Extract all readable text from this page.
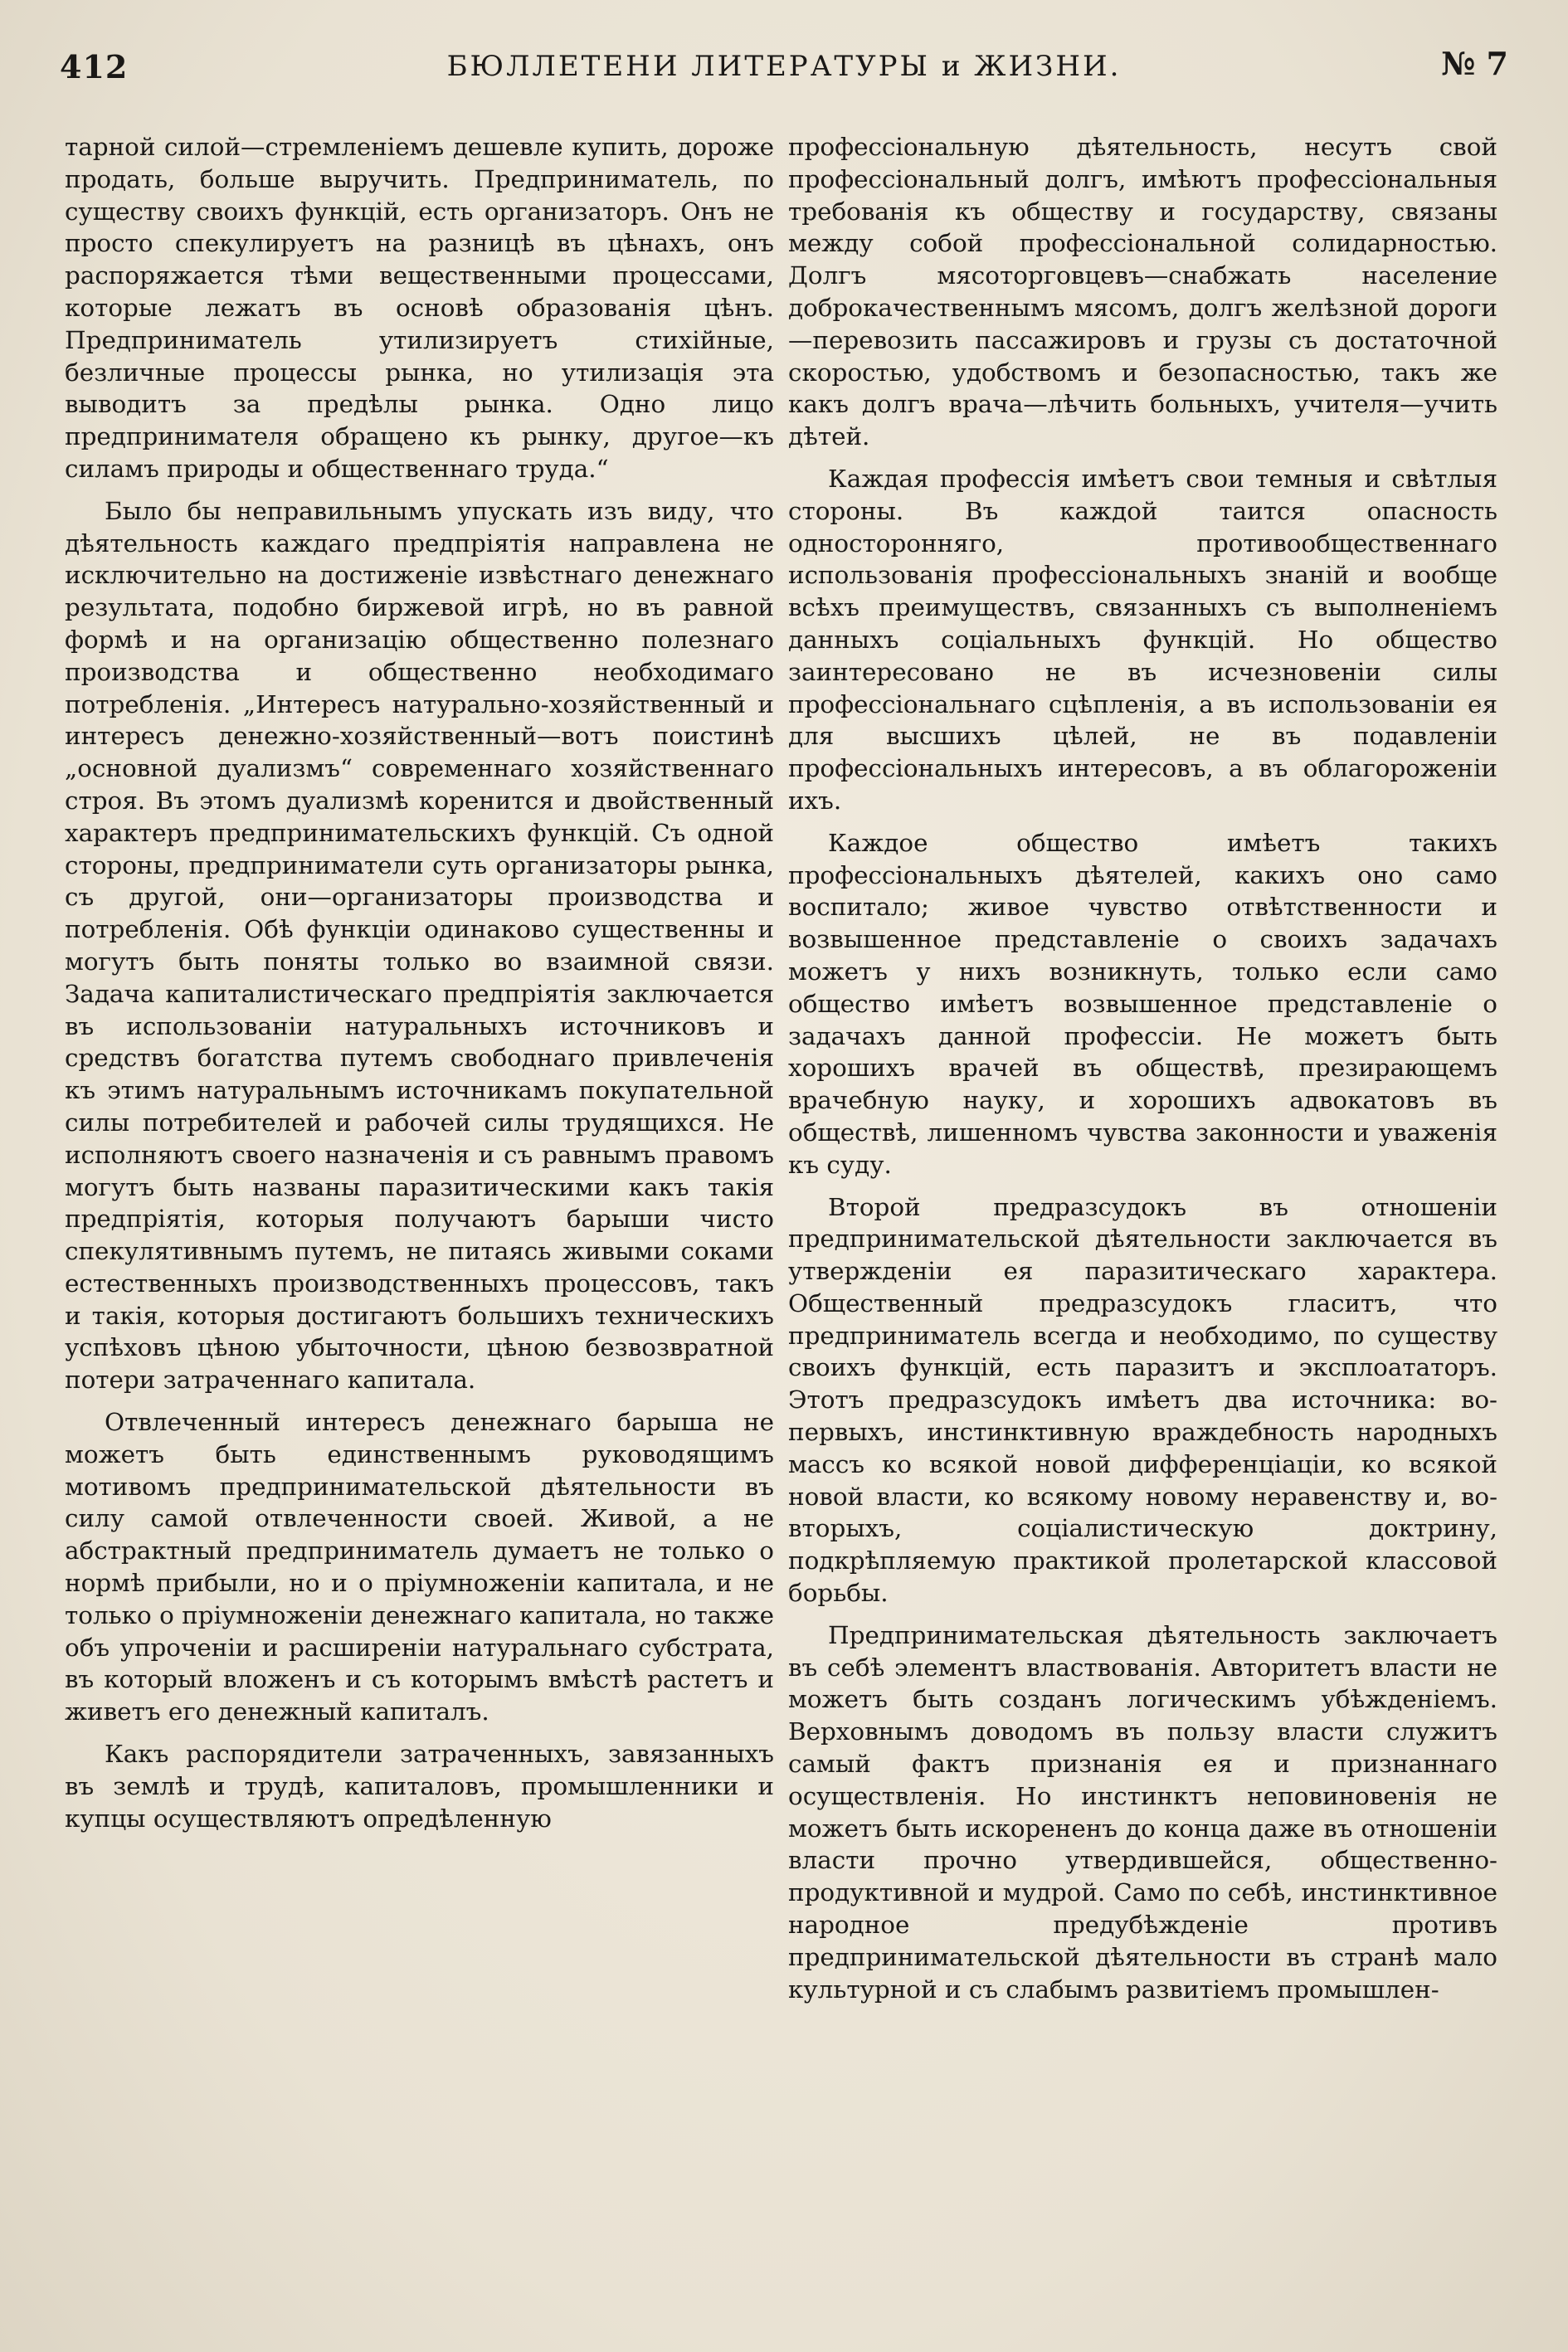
412	БЮЛЛЕТЕНИ ЛИТЕРАТУРЫ и ЖИЗНИ.	№ 7

тарной силой—стремленіемъ дешевле купить, дороже продать, больше выручить. Предприниматель, по существу своихъ функцій, есть организаторъ. Онъ не просто спекулируетъ на разницѣ въ цѣнахъ, онъ распоряжается тѣми вещественными процессами, которые лежатъ въ основѣ образованія цѣнъ. Предприниматель утилизируетъ стихійные, безличные процессы рынка, но утилизація эта выводитъ за предѣлы рынка. Одно лицо предпринимателя обращено къ рынку, другое—къ силамъ природы и общественнаго труда.“

Было бы неправильнымъ упускать изъ виду, что дѣятельность каждаго предпріятія направлена не исключительно на достиженіе извѣстнаго денежнаго результата, подобно биржевой игрѣ, но въ равной формѣ и на организацію общественно полезнаго производства и общественно необходимаго потребленія. „Интересъ натурально-хозяйственный и интересъ денежно-хозяйственный—вотъ поистинѣ „основной дуализмъ“ современнаго хозяйственнаго строя. Въ этомъ дуализмѣ коренится и двойственный характеръ предпринимательскихъ функцій. Съ одной стороны, предприниматели суть организаторы рынка, съ другой, они—организаторы производства и потребленія. Обѣ функціи одинаково существенны и могутъ быть поняты только во взаимной связи. Задача капиталистическаго предпріятія заключается въ использованіи натуральныхъ источниковъ и средствъ богатства путемъ свободнаго привлеченія къ этимъ натуральнымъ источникамъ покупательной силы потребителей и рабочей силы трудящихся. Не исполняютъ своего назначенія и съ равнымъ правомъ могутъ быть названы паразитическими какъ такія предпріятія, которыя получаютъ барыши чисто спекулятивнымъ путемъ, не питаясь живыми соками естественныхъ производственныхъ процессовъ, такъ и такія, которыя достигаютъ большихъ техническихъ успѣховъ цѣною убыточности, цѣною безвозвратной потери затраченнаго капитала.

Отвлеченный интересъ денежнаго барыша не можетъ быть единственнымъ руководящимъ мотивомъ предпринимательской дѣятельности въ силу самой отвлеченности своей. Живой, а не абстрактный предприниматель думаетъ не только о нормѣ прибыли, но и о пріумноженіи капитала, и не только о пріумноженіи денежнаго капитала, но также объ упроченіи и расширеніи натуральнаго субстрата, въ который вложенъ и съ которымъ вмѣстѣ растетъ и живетъ его денежный капиталъ.

Какъ распорядители затраченныхъ, завязанныхъ въ землѣ и трудѣ, капиталовъ, промышленники и купцы осуществляютъ опредѣленную

профессіональную дѣятельность, несутъ свой профессіональный долгъ, имѣютъ профессіональныя требованія къ обществу и государству, связаны между собой профессіональной солидарностью. Долгъ мясоторговцевъ—снабжать население доброкачественнымъ мясомъ, долгъ желѣзной дороги—перевозить пассажировъ и грузы съ достаточной скоростью, удобствомъ и безопасностью, такъ же какъ долгъ врача—лѣчить больныхъ, учителя—учить дѣтей.

Каждая профессія имѣетъ свои темныя и свѣтлыя стороны. Въ каждой таится опасность односторонняго, противообщественнаго использованія профессіональныхъ знаній и вообще всѣхъ преимуществъ, связанныхъ съ выполненіемъ данныхъ соціальныхъ функцій. Но общество заинтересовано не въ исчезновеніи силы профессіональнаго сцѣпленія, а въ использованіи ея для высшихъ цѣлей, не въ подавленіи профессіональныхъ интересовъ, а въ облагороженіи ихъ.

Каждое общество имѣетъ такихъ профессіональныхъ дѣятелей, какихъ оно само воспитало; живое чувство отвѣтственности и возвышенное представленіе о своихъ задачахъ можетъ у нихъ возникнуть, только если само общество имѣетъ возвышенное представленіе о задачахъ данной профессіи. Не можетъ быть хорошихъ врачей въ обществѣ, презирающемъ врачебную науку, и хорошихъ адвокатовъ въ обществѣ, лишенномъ чувства законности и уваженія къ суду.

Второй предразсудокъ въ отношеніи предпринимательской дѣятельности заключается въ утвержденіи ея паразитическаго характера. Общественный предразсудокъ гласитъ, что предприниматель всегда и необходимо, по существу своихъ функцій, есть паразитъ и эксплоататоръ. Этотъ предразсудокъ имѣетъ два источника: во-первыхъ, инстинктивную враждебность народныхъ массъ ко всякой новой дифференціаціи, ко всякой новой власти, ко всякому новому неравенству и, во-вторыхъ, соціалистическую доктрину, подкрѣпляемую практикой пролетарской классовой борьбы.

Предпринимательская дѣятельность заключаетъ въ себѣ элементъ властвованія. Авторитетъ власти не можетъ быть созданъ логическимъ убѣжденіемъ. Верховнымъ доводомъ въ пользу власти служитъ самый фактъ признанія ея и признаннаго осуществленія. Но инстинктъ неповиновенія не можетъ быть искорененъ до конца даже въ отношеніи власти прочно утвердившейся, общественно-продуктивной и мудрой. Само по себѣ, инстинктивное народное предубѣжденіе противъ предпринимательской дѣятельности въ странѣ мало культурной и съ слабымъ развитіемъ промышлен-
